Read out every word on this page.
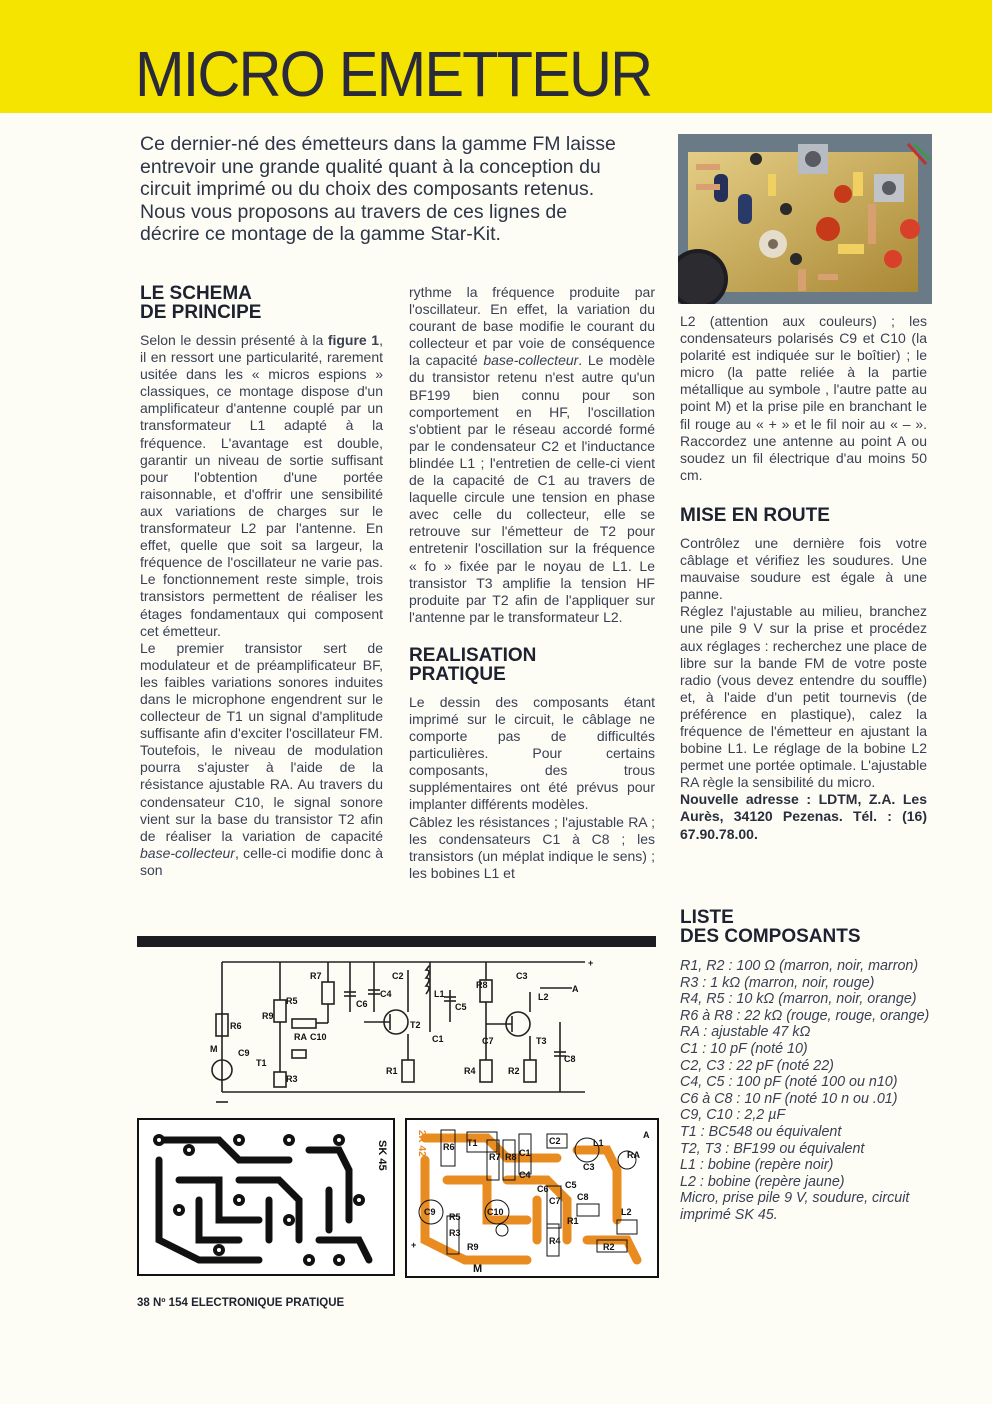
MICRO EMETTEUR
Ce dernier-né des émetteurs dans la gamme FM laisse entrevoir une grande qualité quant à la conception du circuit imprimé ou du choix des composants retenus. Nous vous proposons au travers de ces lignes de décrire ce montage de la gamme Star-Kit.
LE SCHEMA
DE PRINCIPE

Selon le dessin présenté à la figure 1, il en ressort une particularité, rarement usitée dans les « micros espions » classiques, ce montage dispose d'un amplificateur d'antenne couplé par un transformateur L1 adapté à la fréquence. L'avantage est double, garantir un niveau de sortie suffisant pour l'obtention d'une portée raisonnable, et d'offrir une sensibilité aux variations de charges sur le transformateur L2 par l'antenne. En effet, quelle que soit sa largeur, la fréquence de l'oscillateur ne varie pas. Le fonctionnement reste simple, trois transistors permettent de réaliser les étages fondamentaux qui composent cet émetteur.

Le premier transistor sert de modulateur et de préamplificateur BF, les faibles variations sonores induites dans le microphone engendrent sur le collecteur de T1 un signal d'amplitude suffisante afin d'exciter l'oscillateur FM. Toutefois, le niveau de modulation pourra s'ajuster à l'aide de la résistance ajustable RA. Au travers du condensateur C10, le signal sonore vient sur la base du transistor T2 afin de réaliser la variation de capacité base-collecteur, celle-ci modifie donc à son

rythme la fréquence produite par l'oscillateur. En effet, la variation du courant de base modifie le courant du collecteur et par voie de conséquence la capacité base-collecteur. Le modèle du transistor retenu n'est autre qu'un BF199 bien connu pour son comportement en HF, l'oscillation s'obtient par le réseau accordé formé par le condensateur C2 et l'inductance blindée L1 ; l'entretien de celle-ci vient de la capacité de C1 au travers de laquelle circule une tension en phase avec celle du collecteur, elle se retrouve sur l'émetteur de T2 pour entretenir l'oscillation sur la fréquence « fo » fixée par le noyau de L1. Le transistor T3 amplifie la tension HF produite par T2 afin de l'appliquer sur l'antenne par le transformateur L2.

REALISATION
PRATIQUE

Le dessin des composants étant imprimé sur le circuit, le câblage ne comporte pas de difficultés particulières. Pour certains composants, des trous supplémentaires ont été prévus pour implanter différents modèles.

Câblez les résistances ; l'ajustable RA ; les condensateurs C1 à C8 ; les transistors (un méplat indique le sens) ; les bobines L1 et

L2 (attention aux couleurs) ; les condensateurs polarisés C9 et C10 (la polarité est indiquée sur le boîtier) ; le micro (la patte reliée à la partie métallique au symbole , l'autre patte au point M) et la prise pile en branchant le fil rouge au « + » et le fil noir au « – ». Raccordez une antenne au point A ou soudez un fil électrique d'au moins 50 cm.

MISE EN ROUTE

Contrôlez une dernière fois votre câblage et vérifiez les soudures. Une mauvaise soudure est égale à une panne.

Réglez l'ajustable au milieu, branchez une pile 9 V sur la prise et procédez aux réglages : recherchez une place de libre sur la bande FM de votre poste radio (vous devez entendre du souffle) et, à l'aide d'un petit tournevis (de préférence en plastique), calez la fréquence de l'émetteur en ajustant la bobine L1. Le réglage de la bobine L2 permet une portée optimale. L'ajustable RA règle la sensibilité du micro.

Nouvelle adresse : LDTM, Z.A. Les Aurès, 34120 Pezenas. Tél. : (16) 67.90.78.00.

LISTE
DES COMPOSANTS
R1, R2 : 100 Ω (marron, noir, marron)
R3 : 1 kΩ (marron, noir, rouge)
R4, R5 : 10 kΩ (marron, noir, orange)
R6 à R8 : 22 kΩ (rouge, rouge, orange)
RA : ajustable 47 kΩ
C1 : 10 pF (noté 10)
C2, C3 : 22 pF (noté 22)
C4, C5 : 100 pF (noté 100 ou n10)
C6 à C8 : 10 nF (noté 10 n ou .01)
C9, C10 : 2,2 µF
T1 : BC548 ou équivalent
T2, T3 : BF199 ou équivalent
L1 : bobine (repère noir)
L2 : bobine (repère jaune)
Micro, prise pile 9 V, soudure, circuit imprimé SK 45.
C2	C3
R7
C6
C4	L1
R8
L2
R5
R9
RA C10
T2
C5
C1
R6
T1
C7	T3
M C9
R3
R1	R4	R2
C8
A
+
SK 45	2K 42	T1
R6
R7 R8 C1
C2
C3
C4
C5
C6
C7 C8
C9	C10
L1
L2
R1
R2
R3
R4
R5
R9
RA
A
+
M
38 Nº 154 ELECTRONIQUE PRATIQUE
